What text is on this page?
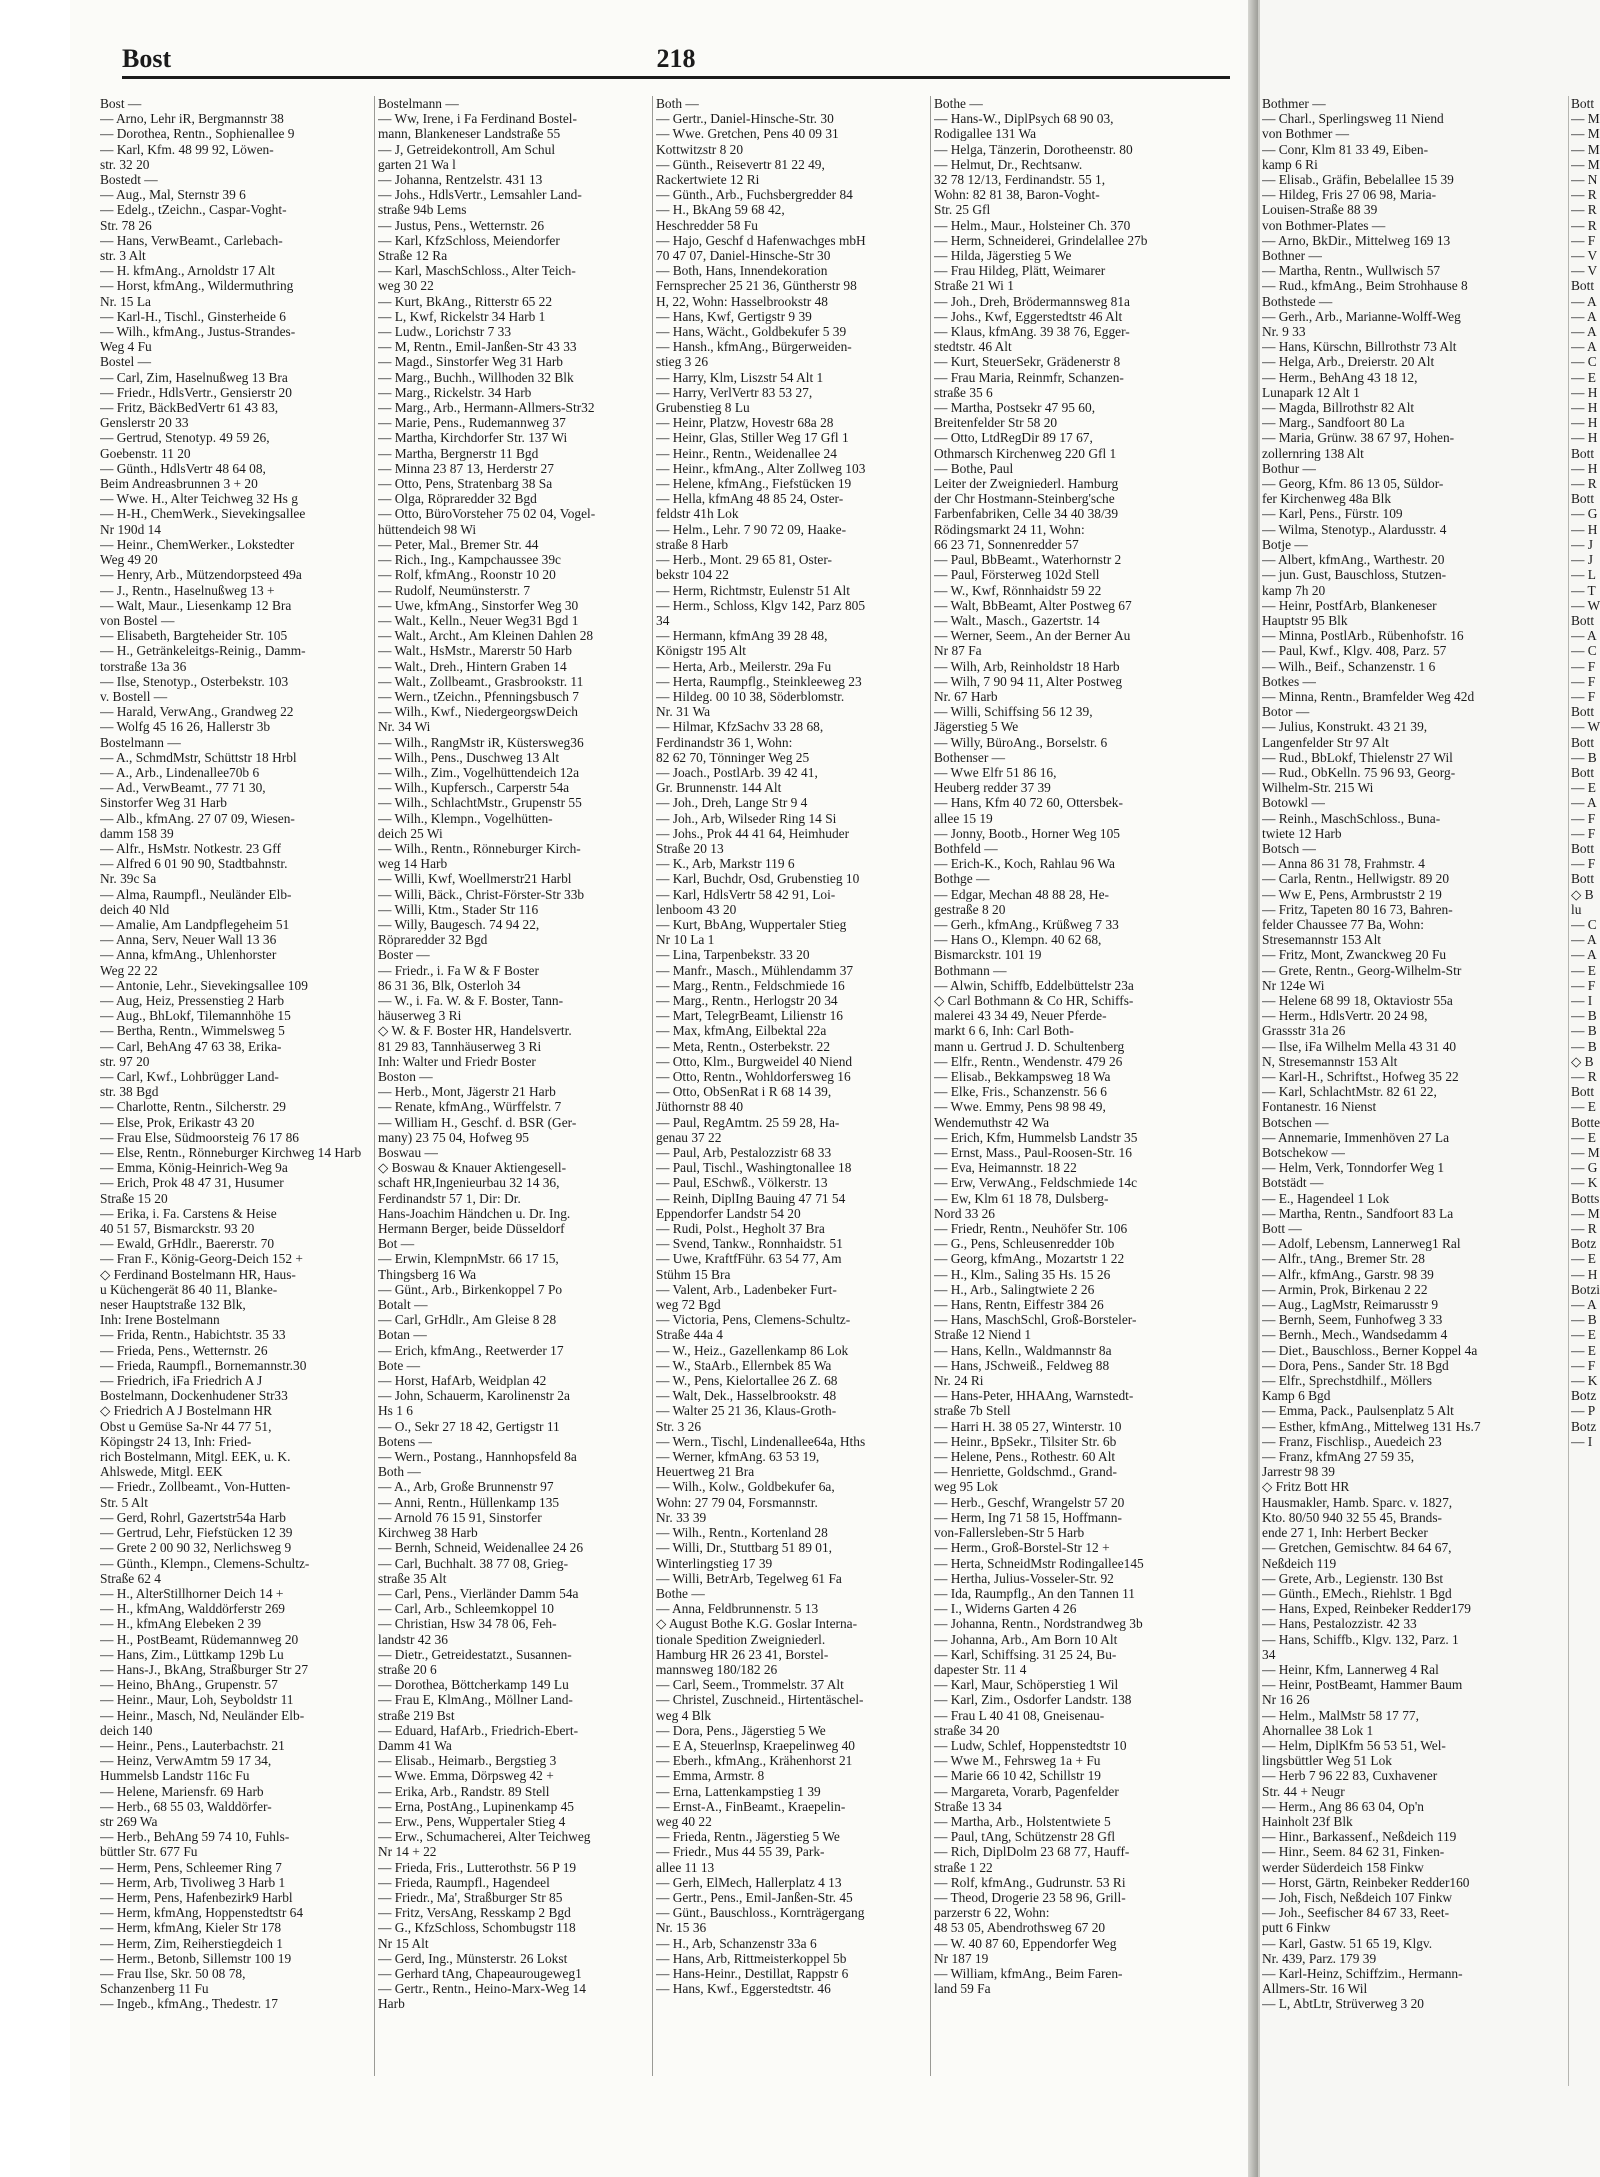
Bost	218
Bost —
— Arno, Lehr iR, Bergmannstr 38
— Dorothea, Rentn., Sophienallee 9
— Karl, Kfm. 48 99 92, Löwen-
str. 32 20
Bostedt —
— Aug., Mal, Sternstr 39 6
— Edelg., tZeichn., Caspar-Voght-
Str. 78 26
— Hans, VerwBeamt., Carlebach-
str. 3 Alt
— H. kfmAng., Arnoldstr 17 Alt
— Horst, kfmAng., Wildermuthring
Nr. 15 La
— Karl-H., Tischl., Ginsterheide 6
— Wilh., kfmAng., Justus-Strandes-
Weg 4 Fu
Bostel —
— Carl, Zim, Haselnußweg 13 Bra
— Friedr., HdlsVertr., Gensierstr 20
— Fritz, BäckBedVertr 61 43 83,
Genslerstr 20 33
— Gertrud, Stenotyp. 49 59 26,
Goebenstr. 11 20
— Günth., HdlsVertr 48 64 08,
Beim Andreasbrunnen 3 + 20
— Wwe. H., Alter Teichweg 32 Hs g
— H-H., ChemWerk., Sievekingsallee
Nr 190d 14
— Heinr., ChemWerker., Lokstedter
Weg 49 20
— Henry, Arb., Mützendorpsteed 49a
— J., Rentn., Haselnußweg 13 +
— Walt, Maur., Liesenkamp 12 Bra
von Bostel —
— Elisabeth, Bargteheider Str. 105
— H., Getränkeleitgs-Reinig., Damm-
torstraße 13a 36
— Ilse, Stenotyp., Osterbekstr. 103
v. Bostell —
— Harald, VerwAng., Grandweg 22
— Wolfg 45 16 26, Hallerstr 3b
Bostelmann —
— A., SchmdMstr, Schüttstr 18 Hrbl
— A., Arb., Lindenallee70b 6
— Ad., VerwBeamt., 77 71 30,
Sinstorfer Weg 31 Harb
— Alb., kfmAng. 27 07 09, Wiesen-
damm 158 39
— Alfr., HsMstr. Notkestr. 23 Gff
— Alfred 6 01 90 90, Stadtbahnstr.
Nr. 39c Sa
— Alma, Raumpfl., Neuländer Elb-
deich 40 Nld
— Amalie, Am Landpflegeheim 51
— Anna, Serv, Neuer Wall 13 36
— Anna, kfmAng., Uhlenhorster
Weg 22 22
— Antonie, Lehr., Sievekingsallee 109
— Aug, Heiz, Pressenstieg 2 Harb
— Aug., BhLokf, Tilemannhöhe 15
— Bertha, Rentn., Wimmelsweg 5
— Carl, BehAng 47 63 38, Erika-
str. 97 20
— Carl, Kwf., Lohbrügger Land-
str. 38 Bgd
— Charlotte, Rentn., Silcherstr. 29
— Else, Prok, Erikastr 43 20
— Frau Else, Südmoorsteig 76 17 86
— Else, Rentn., Rönneburger Kirchweg 14 Harb
— Emma, König-Heinrich-Weg 9a
— Erich, Prok 48 47 31, Husumer
Straße 15 20
— Erika, i. Fa. Carstens & Heise
40 51 57, Bismarckstr. 93 20
— Ewald, GrHdlr., Baererstr. 70
— Fran F., König-Georg-Deich 152 +
◇ Ferdinand Bostelmann HR, Haus-
u Küchengerät 86 40 11, Blanke-
neser Hauptstraße 132 Blk,
Inh: Irene Bostelmann
— Frida, Rentn., Habichtstr. 35 33
— Frieda, Pens., Wetternstr. 26
— Frieda, Raumpfl., Bornemannstr.30
— Friedrich, iFa Friedrich A J
Bostelmann, Dockenhudener Str33
◇ Friedrich A J Bostelmann HR
Obst u Gemüse Sa-Nr 44 77 51,
Köpingstr 24 13, Inh: Fried-
rich Bostelmann, Mitgl. EEK, u. K.
Ahlswede, Mitgl. EEK
— Friedr., Zollbeamt., Von-Hutten-
Str. 5 Alt
— Gerd, Rohrl, Gazertstr54a Harb
— Gertrud, Lehr, Fiefstücken 12 39
— Grete 2 00 90 32, Nerlichsweg 9
— Günth., Klempn., Clemens-Schultz-
Straße 62 4
— H., AlterStillhorner Deich 14 +
— H., kfmAng, Walddörferstr 269
— H., kfmAng Elebeken 2 39
— H., PostBeamt, Rüdemannweg 20
— Hans, Zim., Lüttkamp 129b Lu
— Hans-J., BkAng, Straßburger Str 27
— Heino, BhAng., Grupenstr. 57
— Heinr., Maur, Loh, Seyboldstr 11
— Heinr., Masch, Nd, Neuländer Elb-
deich 140
— Heinr., Pens., Lauterbachstr. 21
— Heinz, VerwAmtm 59 17 34,
Hummelsb Landstr 116c Fu
— Helene, Mariensfr. 69 Harb
— Herb., 68 55 03, Walddörfer-
str 269 Wa
— Herb., BehAng 59 74 10, Fuhls-
büttler Str. 677 Fu
— Herm, Pens, Schleemer Ring 7
— Herm, Arb, Tivoliweg 3 Harb 1
— Herm, Pens, Hafenbezirk9 Harbl
— Herm, kfmAng, Hoppenstedtstr 64
— Herm, kfmAng, Kieler Str 178
— Herm, Zim, Reiherstiegdeich 1
— Herm., Betonb, Sillemstr 100 19
— Frau Ilse, Skr. 50 08 78,
Schanzenberg 11 Fu
— Ingeb., kfmAng., Thedestr. 17
Bostelmann —
— Ww, Irene, i Fa Ferdinand Bostel-
mann, Blankeneser Landstraße 55
— J, Getreidekontroll, Am Schul
garten 21 Wa l
— Johanna, Rentzelstr. 431 13
— Johs., HdlsVertr., Lemsahler Land-
straße 94b Lems
— Justus, Pens., Wetternstr. 26
— Karl, KfzSchloss, Meiendorfer
Straße 12 Ra
— Karl, MaschSchloss., Alter Teich-
weg 30 22
— Kurt, BkAng., Ritterstr 65 22
— L, Kwf, Rickelstr 34 Harb 1
— Ludw., Lorichstr 7 33
— M, Rentn., Emil-Janßen-Str 43 33
— Magd., Sinstorfer Weg 31 Harb
— Marg., Buchh., Willhoden 32 Blk
— Marg., Rickelstr. 34 Harb
— Marg., Arb., Hermann-Allmers-Str32
— Marie, Pens., Rudemannweg 37
— Martha, Kirchdorfer Str. 137 Wi
— Martha, Bergnerstr 11 Bgd
— Minna 23 87 13, Herderstr 27
— Otto, Pens, Stratenbarg 38 Sa
— Olga, Röpraredder 32 Bgd
— Otto, BüroVorsteher 75 02 04, Vogel-
hüttendeich 98 Wi
— Peter, Mal., Bremer Str. 44
— Rich., Ing., Kampchaussee 39c
— Rolf, kfmAng., Roonstr 10 20
— Rudolf, Neumünsterstr. 7
— Uwe, kfmAng., Sinstorfer Weg 30
— Walt., Kelln., Neuer Weg31 Bgd 1
— Walt., Archt., Am Kleinen Dahlen 28
— Walt., HsMstr., Marerstr 50 Harb
— Walt., Dreh., Hintern Graben 14
— Walt., Zollbeamt., Grasbrookstr. 11
— Wern., tZeichn., Pfenningsbusch 7
— Wilh., Kwf., NiedergeorgswDeich
Nr. 34 Wi
— Wilh., RangMstr iR, Küstersweg36
— Wilh., Pens., Duschweg 13 Alt
— Wilh., Zim., Vogelhüttendeich 12a
— Wilh., Kupfersch., Carperstr 54a
— Wilh., SchlachtMstr., Grupenstr 55
— Wilh., Klempn., Vogelhütten-
deich 25 Wi
— Wilh., Rentn., Rönneburger Kirch-
weg 14 Harb
— Willi, Kwf, Woellmerstr21 Harbl
— Willi, Bäck., Christ-Förster-Str 33b
— Willi, Ktm., Stader Str 116
— Willy, Baugesch. 74 94 22,
Röpraredder 32 Bgd
Boster —
— Friedr., i. Fa W & F Boster
86 31 36, Blk, Osterloh 34
— W., i. Fa. W. & F. Boster, Tann-
häuserweg 3 Ri
◇ W. & F. Boster HR, Handelsvertr.
81 29 83, Tannhäuserweg 3 Ri
Inh: Walter und Friedr Boster
Boston —
— Herb., Mont, Jägerstr 21 Harb
— Renate, kfmAng., Würffelstr. 7
— William H., Geschf. d. BSR (Ger-
many) 23 75 04, Hofweg 95
Boswau —
◇ Boswau & Knauer Aktiengesell-
schaft HR,Ingenieurbau 32 14 36,
Ferdinandstr 57 1, Dir: Dr.
Hans-Joachim Händchen u. Dr. Ing.
Hermann Berger, beide Düsseldorf
Bot —
— Erwin, KlempnMstr. 66 17 15,
Thingsberg 16 Wa
— Günt., Arb., Birkenkoppel 7 Po
Botalt —
— Carl, GrHdlr., Am Gleise 8 28
Botan —
— Erich, kfmAng., Reetwerder 17
Bote —
— Horst, HafArb, Weidplan 42
— John, Schauerm, Karolinenstr 2a
Hs 1 6
— O., Sekr 27 18 42, Gertigstr 11
Botens —
— Wern., Postang., Hannhopsfeld 8a
Both —
— A., Arb, Große Brunnenstr 97
— Anni, Rentn., Hüllenkamp 135
— Arnold 76 15 91, Sinstorfer
Kirchweg 38 Harb
— Bernh, Schneid, Weidenallee 24 26
— Carl, Buchhalt. 38 77 08, Grieg-
straße 35 Alt
— Carl, Pens., Vierländer Damm 54a
— Carl, Arb., Schleemkoppel 10
— Christian, Hsw 34 78 06, Feh-
landstr 42 36
— Dietr., Getreidestatzt., Susannen-
straße 20 6
— Dorothea, Böttcherkamp 149 Lu
— Frau E, KlmAng., Möllner Land-
straße 219 Bst
— Eduard, HafArb., Friedrich-Ebert-
Damm 41 Wa
— Elisab., Heimarb., Bergstieg 3
— Wwe. Emma, Dörpsweg 42 +
— Erika, Arb., Randstr. 89 Stell
— Erna, PostAng., Lupinenkamp 45
— Erw., Pens, Wuppertaler Stieg 4
— Erw., Schumacherei, Alter Teichweg
Nr 14 + 22
— Frieda, Fris., Lutterothstr. 56 P 19
— Frieda, Raumpfl., Hagendeel
— Friedr., Ma', Straßburger Str 85
— Fritz, VersAng, Resskamp 2 Bgd
— G., KfzSchloss, Schombugstr 118
Nr 15 Alt
— Gerd, Ing., Münsterstr. 26 Lokst
— Gerhard tAng, Chapeaurougeweg1
— Gertr., Rentn., Heino-Marx-Weg 14
Harb
Both —
— Gertr., Daniel-Hinsche-Str. 30
— Wwe. Gretchen, Pens 40 09 31
Kottwitzstr 8 20
— Günth., Reisevertr 81 22 49,
Rackertwiete 12 Ri
— Günth., Arb., Fuchsbergredder 84
— H., BkAng 59 68 42,
Heschredder 58 Fu
— Hajo, Geschf d Hafenwachges mbH
70 47 07, Daniel-Hinsche-Str 30
— Both, Hans, Innendekoration
Fernsprecher 25 21 36, Güntherstr 98
H, 22, Wohn: Hasselbrookstr 48
— Hans, Kwf, Gertigstr 9 39
— Hans, Wächt., Goldbekufer 5 39
— Hansh., kfmAng., Bürgerweiden-
stieg 3 26
— Harry, Klm, Liszstr 54 Alt 1
— Harry, VerlVertr 83 53 27,
Grubenstieg 8 Lu
— Heinr, Platzw, Hovestr 68a 28
— Heinr, Glas, Stiller Weg 17 Gfl 1
— Heinr., Rentn., Weidenallee 24
— Heinr., kfmAng., Alter Zollweg 103
— Helene, kfmAng., Fiefstücken 19
— Hella, kfmAng 48 85 24, Oster-
feldstr 41h Lok
— Helm., Lehr. 7 90 72 09, Haake-
straße 8 Harb
— Herb., Mont. 29 65 81, Oster-
bekstr 104 22
— Herm, Richtmstr, Eulenstr 51 Alt
— Herm., Schloss, Klgv 142, Parz 805
34
— Hermann, kfmAng 39 28 48,
Königstr 195 Alt
— Herta, Arb., Meilerstr. 29a Fu
— Herta, Raumpflg., Steinkleeweg 23
— Hildeg. 00 10 38, Söderblomstr.
Nr. 31 Wa
— Hilmar, KfzSachv 33 28 68,
Ferdinandstr 36 1, Wohn:
82 62 70, Tönninger Weg 25
— Joach., PostlArb. 39 42 41,
Gr. Brunnenstr. 144 Alt
— Joh., Dreh, Lange Str 9 4
— Joh., Arb, Wilseder Ring 14 Si
— Johs., Prok 44 41 64, Heimhuder
Straße 20 13
— K., Arb, Markstr 119 6
— Karl, Buchdr, Osd, Grubenstieg 10
— Karl, HdlsVertr 58 42 91, Loi-
lenboom 43 20
— Kurt, BbAng, Wuppertaler Stieg
Nr 10 La 1
— Lina, Tarpenbekstr. 33 20
— Manfr., Masch., Mühlendamm 37
— Marg., Rentn., Feldschmiede 16
— Marg., Rentn., Herlogstr 20 34
— Mart, TelegrBeamt, Lilienstr 16
— Max, kfmAng, Eilbektal 22a
— Meta, Rentn., Osterbekstr. 22
— Otto, Klm., Burgweidel 40 Niend
— Otto, Rentn., Wohldorfersweg 16
— Otto, ObSenRat i R 68 14 39,
Jüthornstr 88 40
— Paul, RegAmtm. 25 59 28, Ha-
genau 37 22
— Paul, Arb, Pestalozzistr 68 33
— Paul, Tischl., Washingtonallee 18
— Paul, ESchwß., Völkerstr. 13
— Reinh, DiplIng Bauing 47 71 54
Eppendorfer Landstr 54 20
— Rudi, Polst., Hegholt 37 Bra
— Svend, Tankw., Ronnhaidstr. 51
— Uwe, KraftfFühr. 63 54 77, Am
Stühm 15 Bra
— Valent, Arb., Ladenbeker Furt-
weg 72 Bgd
— Victoria, Pens, Clemens-Schultz-
Straße 44a 4
— W., Heiz., Gazellenkamp 86 Lok
— W., StaArb., Ellernbek 85 Wa
— W., Pens, Kielortallee 26 Z. 68
— Walt, Dek., Hasselbrookstr. 48
— Walter 25 21 36, Klaus-Groth-
Str. 3 26
— Wern., Tischl, Lindenallee64a, Hths
— Werner, kfmAng. 63 53 19,
Heuertweg 21 Bra
— Wilh., Kolw., Goldbekufer 6a,
Wohn: 27 79 04, Forsmannstr.
Nr. 33 39
— Wilh., Rentn., Kortenland 28
— Willi, Dr., Stuttbarg 51 89 01,
Winterlingstieg 17 39
— Willi, BetrArb, Tegelweg 61 Fa
Bothe —
— Anna, Feldbrunnenstr. 5 13
◇ August Bothe K.G. Goslar Interna-
tionale Spedition Zweigniederl.
Hamburg HR 26 23 41, Borstel-
mannsweg 180/182 26
— Carl, Seem., Trommelstr. 37 Alt
— Christel, Zuschneid., Hirtentäschel-
weg 4 Blk
— Dora, Pens., Jägerstieg 5 We
— E A, Steuerlnsp, Kraepelinweg 40
— Eberh., kfmAng., Krähenhorst 21
— Emma, Armstr. 8
— Erna, Lattenkampstieg 1 39
— Ernst-A., FinBeamt., Kraepelin-
weg 40 22
— Frieda, Rentn., Jägerstieg 5 We
— Friedr., Mus 44 55 39, Park-
allee 11 13
— Gerh, ElMech, Hallerplatz 4 13
— Gertr., Pens., Emil-Janßen-Str. 45
— Günt., Bauschloss., Kornträgergang
Nr. 15 36
— H., Arb, Schanzenstr 33a 6
— Hans, Arb, Rittmeisterkoppel 5b
— Hans-Heinr., Destillat, Rappstr 6
— Hans, Kwf., Eggerstedtstr. 46
Bothe —
— Hans-W., DiplPsych 68 90 03,
Rodigallee 131 Wa
— Helga, Tänzerin, Dorotheenstr. 80
— Helmut, Dr., Rechtsanw.
32 78 12/13, Ferdinandstr. 55 1,
Wohn: 82 81 38, Baron-Voght-
Str. 25 Gfl
— Helm., Maur., Holsteiner Ch. 370
— Herm, Schneiderei, Grindelallee 27b
— Hilda, Jägerstieg 5 We
— Frau Hildeg, Plätt, Weimarer
Straße 21 Wi 1
— Joh., Dreh, Brödermannsweg 81a
— Johs., Kwf, Eggerstedtstr 46 Alt
— Klaus, kfmAng. 39 38 76, Egger-
stedtstr. 46 Alt
— Kurt, SteuerSekr, Grädenerstr 8
— Frau Maria, Reinmfr, Schanzen-
straße 35 6
— Martha, Postsekr 47 95 60,
Breitenfelder Str 58 20
— Otto, LtdRegDir 89 17 67,
Othmarsch Kirchenweg 220 Gfl 1
— Bothe, Paul
Leiter der Zweigniederl. Hamburg
der Chr Hostmann-Steinberg'sche
Farbenfabriken, Celle 34 40 38/39
Rödingsmarkt 24 11, Wohn:
66 23 71, Sonnenredder 57
— Paul, BbBeamt., Waterhornstr 2
— Paul, Försterweg 102d Stell
— W., Kwf, Rönnhaidstr 59 22
— Walt, BbBeamt, Alter Postweg 67
— Walt., Masch., Gazertstr. 14
— Werner, Seem., An der Berner Au
Nr 87 Fa
— Wilh, Arb, Reinholdstr 18 Harb
— Wilh, 7 90 94 11, Alter Postweg
Nr. 67 Harb
— Willi, Schiffsing 56 12 39,
Jägerstieg 5 We
— Willy, BüroAng., Borselstr. 6
Bothenser —
— Wwe Elfr 51 86 16,
Heuberg redder 37 39
— Hans, Kfm 40 72 60, Ottersbek-
allee 15 19
— Jonny, Bootb., Horner Weg 105
Bothfeld —
— Erich-K., Koch, Rahlau 96 Wa
Bothge —
— Edgar, Mechan 48 88 28, He-
gestraße 8 20
— Gerh., kfmAng., Krüßweg 7 33
— Hans O., Klempn. 40 62 68,
Bismarckstr. 101 19
Bothmann —
— Alwin, Schiffb, Eddelbüttelstr 23a
◇ Carl Bothmann & Co HR, Schiffs-
malerei 43 34 49, Neuer Pferde-
markt 6 6, Inh: Carl Both-
mann u. Gertrud J. D. Schultenberg
— Elfr., Rentn., Wendenstr. 479 26
— Elisab., Bekkampsweg 18 Wa
— Elke, Fris., Schanzenstr. 56 6
— Wwe. Emmy, Pens 98 98 49,
Wendemuthstr 42 Wa
— Erich, Kfm, Hummelsb Landstr 35
— Ernst, Mass., Paul-Roosen-Str. 16
— Eva, Heimannstr. 18 22
— Erw, VerwAng., Feldschmiede 14c
— Ew, Klm 61 18 78, Dulsberg-
Nord 33 26
— Friedr, Rentn., Neuhöfer Str. 106
— G., Pens, Schleusenredder 10b
— Georg, kfmAng., Mozartstr 1 22
— H., Klm., Saling 35 Hs. 15 26
— H., Arb., Salingtwiete 2 26
— Hans, Rentn, Eiffestr 384 26
— Hans, MaschSchl, Groß-Borsteler-
Straße 12 Niend 1
— Hans, Kelln., Waldmannstr 8a
— Hans, JSchweiß., Feldweg 88
Nr. 24 Ri
— Hans-Peter, HHAAng, Warnstedt-
straße 7b Stell
— Harri H. 38 05 27, Winterstr. 10
— Heinr., BpSekr., Tilsiter Str. 6b
— Helene, Pens., Rothestr. 60 Alt
— Henriette, Goldschmd., Grand-
weg 95 Lok
— Herb., Geschf, Wrangelstr 57 20
— Herm, Ing 71 58 15, Hoffmann-
von-Fallersleben-Str 5 Harb
— Herm., Groß-Borstel-Str 12 +
— Herta, SchneidMstr Rodingallee145
— Hertha, Julius-Vosseler-Str. 92
— Ida, Raumpflg., An den Tannen 11
— I., Widerns Garten 4 26
— Johanna, Rentn., Nordstrandweg 3b
— Johanna, Arb., Am Born 10 Alt
— Karl, Schiffsing. 31 25 24, Bu-
dapester Str. 11 4
— Karl, Maur, Schöperstieg 1 Wil
— Karl, Zim., Osdorfer Landstr. 138
— Frau L 40 41 08, Gneisenau-
straße 34 20
— Ludw, Schlef, Hoppenstedtstr 10
— Wwe M., Fehrsweg 1a + Fu
— Marie 66 10 42, Schillstr 19
— Margareta, Vorarb, Pagenfelder
Straße 13 34
— Martha, Arb., Holstentwiete 5
— Paul, tAng, Schützenstr 28 Gfl
— Rich, DiplDolm 23 68 77, Hauff-
straße 1 22
— Rolf, kfmAng., Gudrunstr. 53 Ri
— Theod, Drogerie 23 58 96, Grill-
parzerstr 6 22, Wohn:
48 53 05, Abendrothsweg 67 20
— W. 40 87 60, Eppendorfer Weg
Nr 187 19
— William, kfmAng., Beim Faren-
land 59 Fa
Bothmer —
— Charl., Sperlingsweg 11 Niend
von Bothmer —
— Conr, Klm 81 33 49, Eiben-
kamp 6 Ri
— Elisab., Gräfin, Bebelallee 15 39
— Hildeg, Fris 27 06 98, Maria-
Louisen-Straße 88 39
von Bothmer-Plates —
— Arno, BkDir., Mittelweg 169 13
Bothner —
— Martha, Rentn., Wullwisch 57
— Rud., kfmAng., Beim Strohhause 8
Bothstede —
— Gerh., Arb., Marianne-Wolff-Weg
Nr. 9 33
— Hans, Kürschn, Billrothstr 73 Alt
— Helga, Arb., Dreierstr. 20 Alt
— Herm., BehAng 43 18 12,
Lunapark 12 Alt 1
— Magda, Billrothstr 82 Alt
— Marg., Sandfoort 80 La
— Maria, Grünw. 38 67 97, Hohen-
zollernring 138 Alt
Bothur —
— Georg, Kfm. 86 13 05, Süldor-
fer Kirchenweg 48a Blk
— Karl, Pens., Fürstr. 109
— Wilma, Stenotyp., Alardusstr. 4
Botje —
— Albert, kfmAng., Warthestr. 20
— jun. Gust, Bauschloss, Stutzen-
kamp 7h 20
— Heinr, PostfArb, Blankeneser
Hauptstr 95 Blk
— Minna, PostlArb., Rübenhofstr. 16
— Paul, Kwf., Klgv. 408, Parz. 57
— Wilh., Beif., Schanzenstr. 1 6
Botkes —
— Minna, Rentn., Bramfelder Weg 42d
Botor —
— Julius, Konstrukt. 43 21 39,
Langenfelder Str 97 Alt
— Rud., BbLokf, Thielenstr 27 Wil
— Rud., ObKelln. 75 96 93, Georg-
Wilhelm-Str. 215 Wi
Botowkl —
— Reinh., MaschSchloss., Buna-
twiete 12 Harb
Botsch —
— Anna 86 31 78, Frahmstr. 4
— Carla, Rentn., Hellwigstr. 89 20
— Ww E, Pens, Armbruststr 2 19
— Fritz, Tapeten 80 16 73, Bahren-
felder Chaussee 77 Ba, Wohn:
Stresemannstr 153 Alt
— Fritz, Mont, Zwanckweg 20 Fu
— Grete, Rentn., Georg-Wilhelm-Str
Nr 124e Wi
— Helene 68 99 18, Oktaviostr 55a
— Herm., HdlsVertr. 20 24 98,
Grassstr 31a 26
— Ilse, iFa Wilhelm Mella 43 31 40
N, Stresemannstr 153 Alt
— Karl-H., Schriftst., Hofweg 35 22
— Karl, SchlachtMstr. 82 61 22,
Fontanestr. 16 Nienst
Botschen —
— Annemarie, Immenhöven 27 La
Botschekow —
— Helm, Verk, Tonndorfer Weg 1
Botstädt —
— E., Hagendeel 1 Lok
— Martha, Rentn., Sandfoort 83 La
Bott —
— Adolf, Lebensm, Lannerweg1 Ral
— Alfr., tAng., Bremer Str. 28
— Alfr., kfmAng., Garstr. 98 39
— Armin, Prok, Birkenau 2 22
— Aug., LagMstr, Reimarusstr 9
— Bernh, Seem, Funhofweg 3 33
— Bernh., Mech., Wandsedamm 4
— Diet., Bauschloss., Berner Koppel 4a
— Dora, Pens., Sander Str. 18 Bgd
— Elfr., Sprechstdhilf., Möllers
Kamp 6 Bgd
— Emma, Pack., Paulsenplatz 5 Alt
— Esther, kfmAng., Mittelweg 131 Hs.7
— Franz, Fischlisp., Auedeich 23
— Franz, kfmAng 27 59 35,
Jarrestr 98 39
◇ Fritz Bott HR
Hausmakler, Hamb. Sparc. v. 1827,
Kto. 80/50 940 32 55 45, Brands-
ende 27 1, Inh: Herbert Becker
— Gretchen, Gemischtw. 84 64 67,
Neßdeich 119
— Grete, Arb., Legienstr. 130 Bst
— Günth., EMech., Riehlstr. 1 Bgd
— Hans, Exped, Reinbeker Redder179
— Hans, Pestalozzistr. 42 33
— Hans, Schiffb., Klgv. 132, Parz. 1
34
— Heinr, Kfm, Lannerweg 4 Ral
— Heinr, PostBeamt, Hammer Baum
Nr 16 26
— Helm., MalMstr 58 17 77,
Ahornallee 38 Lok 1
— Helm, DiplKfm 56 53 51, Wel-
lingsbüttler Weg 51 Lok
— Herb 7 96 22 83, Cuxhavener
Str. 44 + Neugr
— Herm., Ang 86 63 04, Op'n
Hainholt 23f Blk
— Hinr., Barkassenf., Neßdeich 119
— Hinr., Seem. 84 62 31, Finken-
werder Süderdeich 158 Finkw
— Horst, Gärtn, Reinbeker Redder160
— Joh, Fisch, Neßdeich 107 Finkw
— Joh., Seefischer 84 67 33, Reet-
putt 6 Finkw
— Karl, Gastw. 51 65 19, Klgv.
Nr. 439, Parz. 179 39
— Karl-Heinz, Schiffzim., Hermann-
Allmers-Str. 16 Wil
— L, AbtLtr, Strüverweg 3 20
Bott
— M
— M
— M
— M
— N
— R
— R
— R
— F
— V
— V
Bott
— A
— A
— A
— A
— C
— E
— H
— H
— H
— H
Bott
— H
— R
Bott
— G
— H
— J
— J
— L
— T
— W
Bott
— A
— C
— F
— F
— F
Bott
— W
Bott
— B
Bott
— E
— A
— F
— F
Bott
— F
Bott
◇ B
lu
— C
— A
— A
— E
— F
— I
— B
— B
— B
◇ B
— R
Bott
— E
Botte
— E
— M
— G
— K
Botts
— M
— R
Botz
— E
— H
Botzi
— A
— B
— E
— E
— F
— K
Botz
— P
Botz
— I
